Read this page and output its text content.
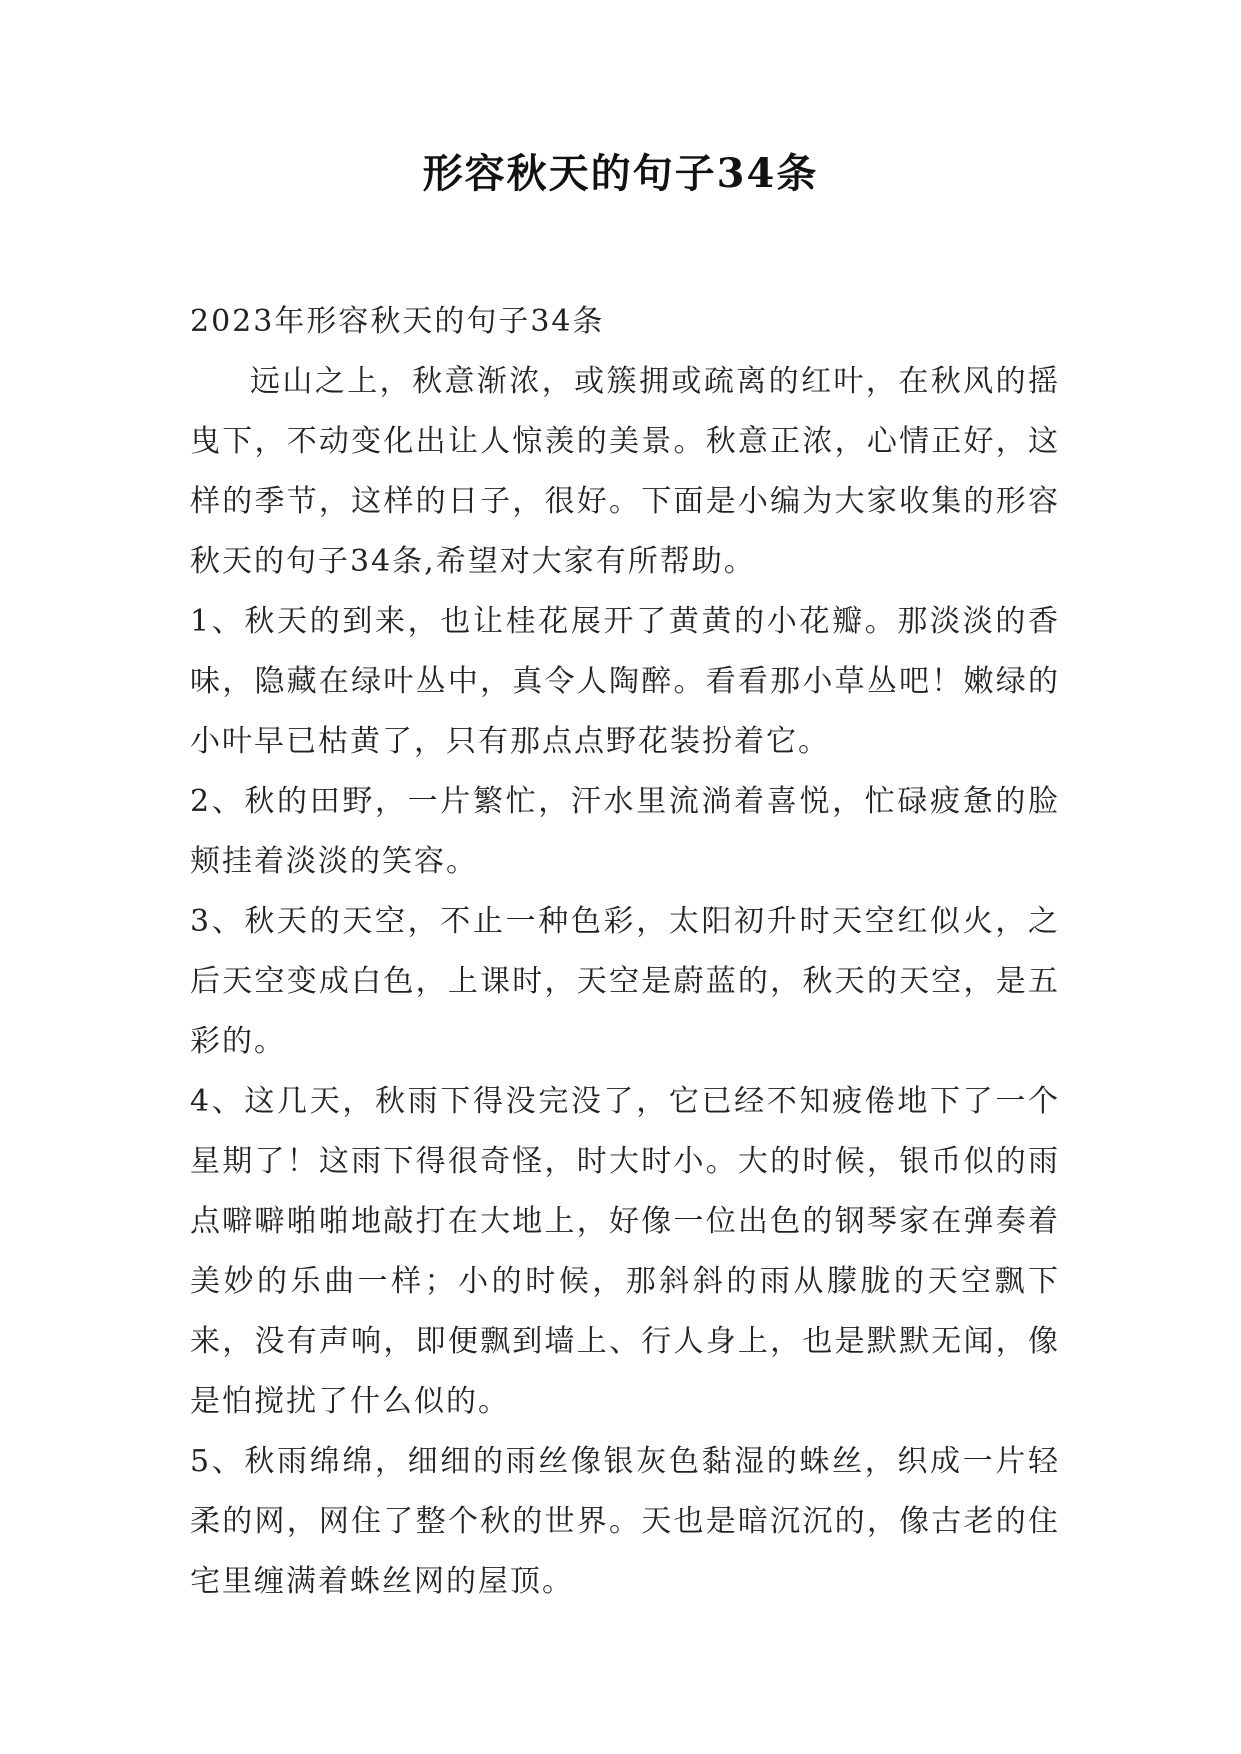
形容秋天的句子34条

2023年形容秋天的句子34条

远山之上，秋意渐浓，或簇拥或疏离的红叶，在秋风的摇曳下，不动变化出让人惊羡的美景。秋意正浓，心情正好，这样的季节，这样的日子，很好。下面是小编为大家收集的形容秋天的句子34条,希望对大家有所帮助。

1、秋天的到来，也让桂花展开了黄黄的小花瓣。那淡淡的香味，隐藏在绿叶丛中，真令人陶醉。看看那小草丛吧！嫩绿的小叶早已枯黄了，只有那点点野花装扮着它。

2、秋的田野，一片繁忙，汗水里流淌着喜悦，忙碌疲惫的脸颊挂着淡淡的笑容。

3、秋天的天空，不止一种色彩，太阳初升时天空红似火，之后天空变成白色，上课时，天空是蔚蓝的，秋天的天空，是五彩的。

4、这几天，秋雨下得没完没了，它已经不知疲倦地下了一个星期了！这雨下得很奇怪，时大时小。大的时候，银币似的雨点噼噼啪啪地敲打在大地上，好像一位出色的钢琴家在弹奏着美妙的乐曲一样；小的时候，那斜斜的雨从朦胧的天空飘下来，没有声响，即便飘到墙上、行人身上，也是默默无闻，像是怕搅扰了什么似的。

5、秋雨绵绵，细细的雨丝像银灰色黏湿的蛛丝，织成一片轻柔的网，网住了整个秋的世界。天也是暗沉沉的，像古老的住宅里缠满着蛛丝网的屋顶。
